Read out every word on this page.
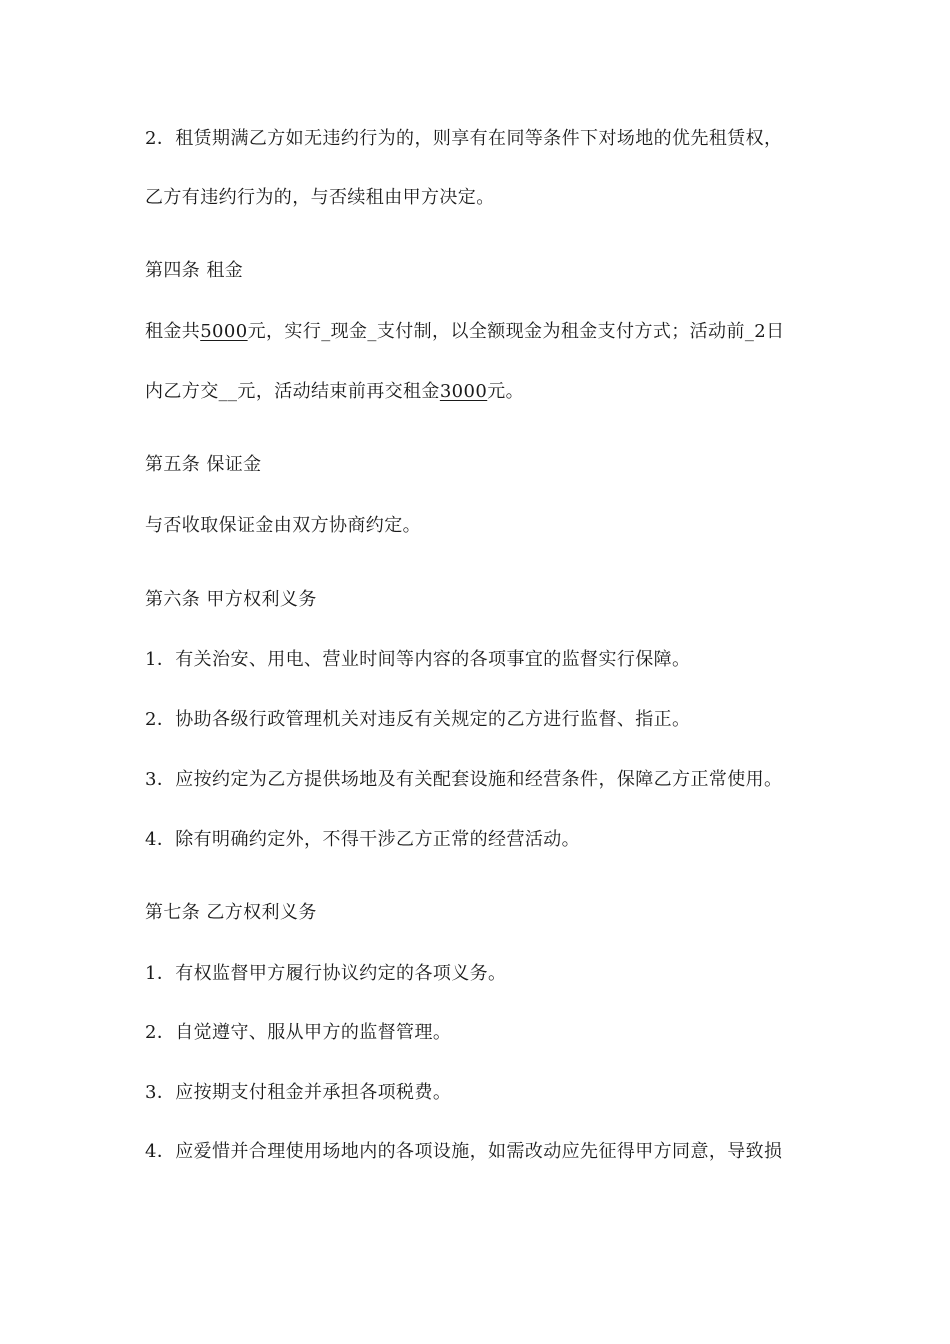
2．租赁期满乙方如无违约行为的，则享有在同等条件下对场地的优先租赁权，
乙方有违约行为的，与否续租由甲方决定。
第四条 租金
租金共5000元，实行_现金_支付制，以全额现金为租金支付方式；活动前_2日
内乙方交__元，活动结束前再交租金3000元。
第五条 保证金
与否收取保证金由双方协商约定。
第六条 甲方权利义务
1．有关治安、用电、营业时间等内容的各项事宜的监督实行保障。
2．协助各级行政管理机关对违反有关规定的乙方进行监督、指正。
3．应按约定为乙方提供场地及有关配套设施和经营条件，保障乙方正常使用。
4．除有明确约定外，不得干涉乙方正常的经营活动。
第七条 乙方权利义务
1．有权监督甲方履行协议约定的各项义务。
2．自觉遵守、服从甲方的监督管理。
3．应按期支付租金并承担各项税费。
4．应爱惜并合理使用场地内的各项设施，如需改动应先征得甲方同意，导致损
